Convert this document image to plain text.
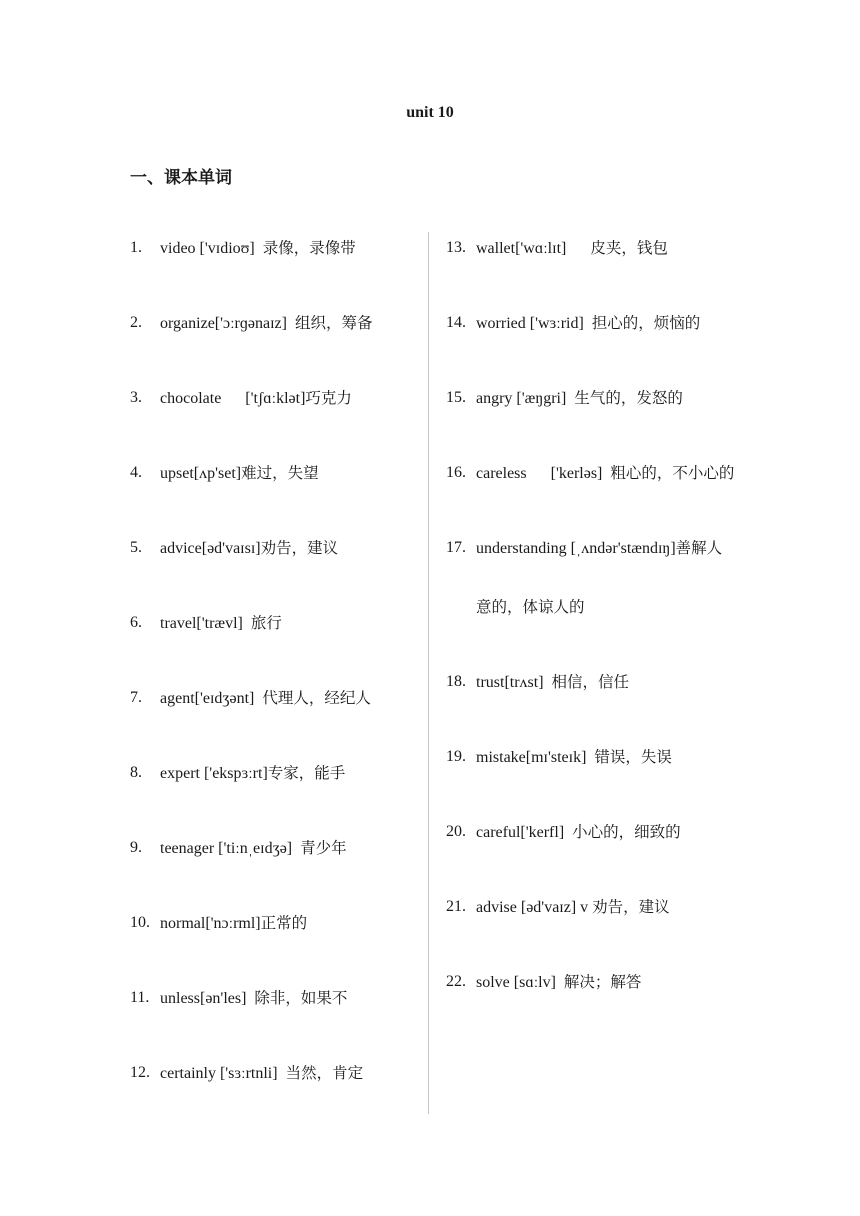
unit 10
一、课本单词
1.	video ['vɪdioʊ]  录像，录像带
2.	organize['ɔːrɡənaɪz]  组织，筹备
3.	chocolate      ['tʃɑːklət]巧克力
4.	upset[ʌp'set]难过，失望
5.	advice[əd'vaɪsɪ]劝告，建议
6.	travel['trævl]  旅行
7.	agent['eɪdʒənt]  代理人，经纪人
8.	expert ['ekspɜːrt]专家，能手
9.	teenager ['tiːnˌeɪdʒə]  青少年
10. normal['nɔːrml]正常的
11. unless[ən'les]  除非，如果不
12. certainly ['sɜːrtnli]  当然，肯定
13. wallet['wɑːlɪt]      皮夹，钱包
14. worried ['wɜːrid]  担心的，烦恼的
15. angry ['æŋgri]  生气的，发怒的
16. careless      ['kerləs]  粗心的，不小心的
17. understanding [ˌʌndər'stændɪŋ]善解人意的，体谅人的
18. trust[trʌst]  相信，信任
19. mistake[mɪ'steɪk]  错误，失误
20. careful['kerfl]  小心的，细致的
21. advise [əd'vaɪz] v 劝告，建议
22. solve [sɑːlv]  解决；解答
